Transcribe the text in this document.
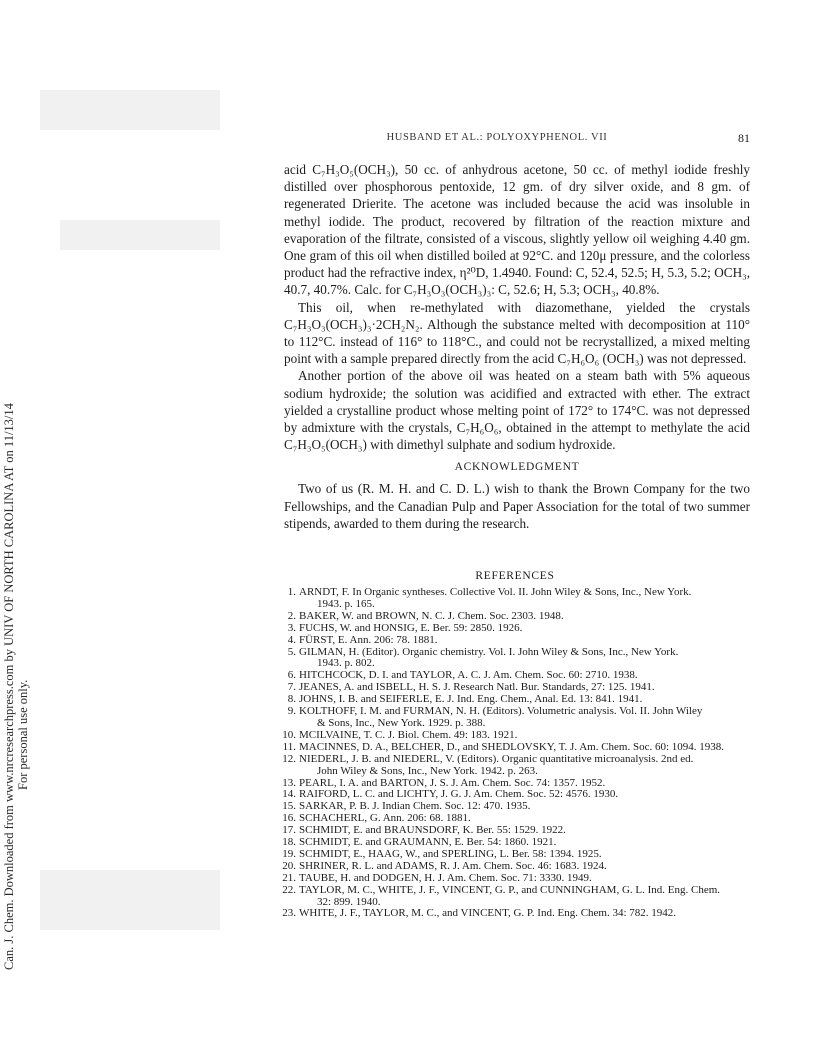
Can. J. Chem. Downloaded from www.nrcresearchpress.com by UNIV OF NORTH CAROLINA AT on 11/13/14 For personal use only.
HUSBAND ET AL.: POLYOXYPHENOL. VII	81

acid C₇H₃O₅(OCH₃), 50 cc. of anhydrous acetone, 50 cc. of methyl iodide freshly distilled over phosphorous pentoxide, 12 gm. of dry silver oxide, and 8 gm. of regenerated Drierite. The acetone was included because the acid was insoluble in methyl iodide. The product, recovered by filtration of the reaction mixture and evaporation of the filtrate, consisted of a viscous, slightly yellow oil weighing 4.40 gm. One gram of this oil when distilled boiled at 92°C. and 120μ pressure, and the colorless product had the refractive index, η²⁰D, 1.4940. Found: C, 52.4, 52.5; H, 5.3, 5.2; OCH₃, 40.7, 40.7%. Calc. for C₇H₃O₃(OCH₃)₃: C, 52.6; H, 5.3; OCH₃, 40.8%.

This oil, when re-methylated with diazomethane, yielded the crystals C₇H₃O₃(OCH₃)₃·2CH₂N₂. Although the substance melted with decomposition at 110° to 112°C. instead of 116° to 118°C., and could not be recrystallized, a mixed melting point with a sample prepared directly from the acid C₇H₆O₆ (OCH₃) was not depressed.

Another portion of the above oil was heated on a steam bath with 5% aqueous sodium hydroxide; the solution was acidified and extracted with ether. The extract yielded a crystalline product whose melting point of 172° to 174°C. was not depressed by admixture with the crystals, C₇H₆O₆, obtained in the attempt to methylate the acid C₇H₃O₅(OCH₃) with dimethyl sulphate and sodium hydroxide.

ACKNOWLEDGMENT

Two of us (R. M. H. and C. D. L.) wish to thank the Brown Company for the two Fellowships, and the Canadian Pulp and Paper Association for the total of two summer stipends, awarded to them during the research.

REFERENCES
1. ARNDT, F. In Organic syntheses. Collective Vol. II. John Wiley & Sons, Inc., New York.
1943. p. 165.
2. BAKER, W. and BROWN, N. C. J. Chem. Soc. 2303. 1948.
3. FUCHS, W. and HONSIG, E. Ber. 59: 2850. 1926.
4. FÜRST, E. Ann. 206: 78. 1881.
5. GILMAN, H. (Editor). Organic chemistry. Vol. I. John Wiley & Sons, Inc., New York.
1943. p. 802.
6. HITCHCOCK, D. I. and TAYLOR, A. C. J. Am. Chem. Soc. 60: 2710. 1938.
7. JEANES, A. and ISBELL, H. S. J. Research Natl. Bur. Standards, 27: 125. 1941.
8. JOHNS, I. B. and SEIFERLE, E. J. Ind. Eng. Chem., Anal. Ed. 13: 841. 1941.
9. KOLTHOFF, I. M. and FURMAN, N. H. (Editors). Volumetric analysis. Vol. II. John Wiley
& Sons, Inc., New York. 1929. p. 388.
10. MCILVAINE, T. C. J. Biol. Chem. 49: 183. 1921.
11. MACINNES, D. A., BELCHER, D., and SHEDLOVSKY, T. J. Am. Chem. Soc. 60: 1094. 1938.
12. NIEDERL, J. B. and NIEDERL, V. (Editors). Organic quantitative microanalysis. 2nd ed.
John Wiley & Sons, Inc., New York. 1942. p. 263.
13. PEARL, I. A. and BARTON, J. S. J. Am. Chem. Soc. 74: 1357. 1952.
14. RAIFORD, L. C. and LICHTY, J. G. J. Am. Chem. Soc. 52: 4576. 1930.
15. SARKAR, P. B. J. Indian Chem. Soc. 12: 470. 1935.
16. SCHACHERL, G. Ann. 206: 68. 1881.
17. SCHMIDT, E. and BRAUNSDORF, K. Ber. 55: 1529. 1922.
18. SCHMIDT, E. and GRAUMANN, E. Ber. 54: 1860. 1921.
19. SCHMIDT, E., HAAG, W., and SPERLING, L. Ber. 58: 1394. 1925.
20. SHRINER, R. L. and ADAMS, R. J. Am. Chem. Soc. 46: 1683. 1924.
21. TAUBE, H. and DODGEN, H. J. Am. Chem. Soc. 71: 3330. 1949.
22. TAYLOR, M. C., WHITE, J. F., VINCENT, G. P., and CUNNINGHAM, G. L. Ind. Eng. Chem.
32: 899. 1940.
23. WHITE, J. F., TAYLOR, M. C., and VINCENT, G. P. Ind. Eng. Chem. 34: 782. 1942.
